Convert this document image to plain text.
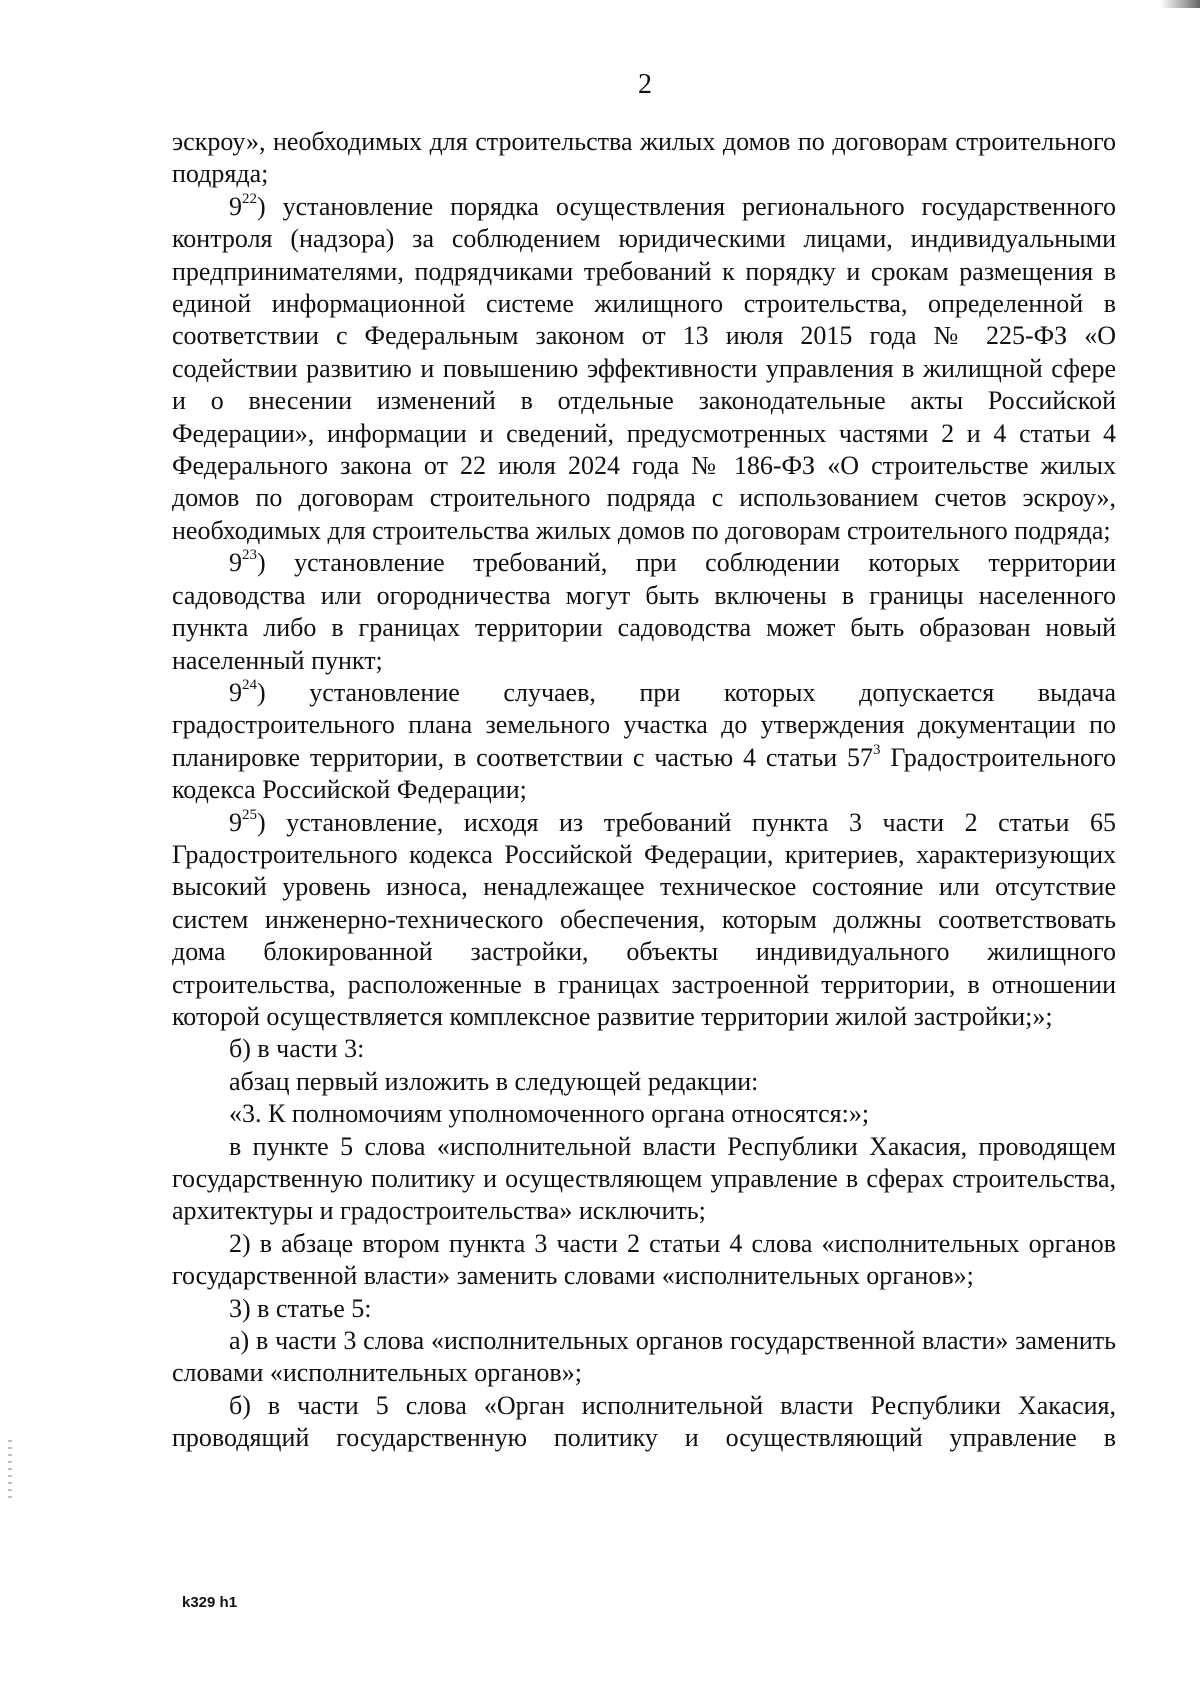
2

эскроу», необходимых для строительства жилых домов по договорам строительного подряда;

$9^{22}$) установление порядка осуществления регионального государственного контроля (надзора) за соблюдением юридическими лицами, индивидуальными предпринимателями, подрядчиками требований к порядку и срокам размещения в единой информационной системе жилищного строительства, определенной в соответствии с Федеральным законом от 13 июля 2015 года № 225-ФЗ «О содействии развитию и повышению эффективности управления в жилищной сфере и о внесении изменений в отдельные законодательные акты Российской Федерации», информации и сведений, предусмотренных частями 2 и 4 статьи 4 Федерального закона от 22 июля 2024 года № 186-ФЗ «О строительстве жилых домов по договорам строительного подряда с использованием счетов эскроу», необходимых для строительства жилых домов по договорам строительного подряда;

$9^{23}$) установление требований, при соблюдении которых территории садоводства или огородничества могут быть включены в границы населенного пункта либо в границах территории садоводства может быть образован новый населенный пункт;

$9^{24}$) установление случаев, при которых допускается выдача градостроительного плана земельного участка до утверждения документации по планировке территории, в соответствии с частью 4 статьи $57^3$ Градостроительного кодекса Российской Федерации;

$9^{25}$) установление, исходя из требований пункта 3 части 2 статьи 65 Градостроительного кодекса Российской Федерации, критериев, характеризующих высокий уровень износа, ненадлежащее техническое состояние или отсутствие систем инженерно-технического обеспечения, которым должны соответствовать дома блокированной застройки, объекты индивидуального жилищного строительства, расположенные в границах застроенной территории, в отношении которой осуществляется комплексное развитие территории жилой застройки;»;

б) в части 3:

абзац первый изложить в следующей редакции:

«3. К полномочиям уполномоченного органа относятся:»;

в пункте 5 слова «исполнительной власти Республики Хакасия, проводящем государственную политику и осуществляющем управление в сферах строительства, архитектуры и градостроительства» исключить;

2) в абзаце втором пункта 3 части 2 статьи 4 слова «исполнительных органов государственной власти» заменить словами «исполнительных органов»;

3) в статье 5:

а) в части 3 слова «исполнительных органов государственной власти» заменить словами «исполнительных органов»;

б) в части 5 слова «Орган исполнительной власти Республики Хакасия, проводящий государственную политику и осуществляющий управление в

k329 h1
